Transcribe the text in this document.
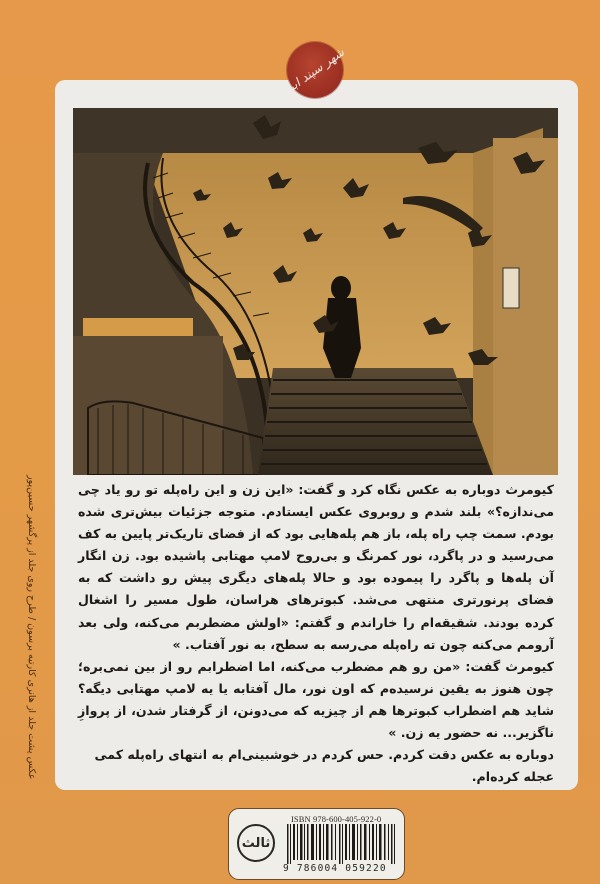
عکس پشت جلد از هانری کارتیه برسون / طرح روی جلد از پرگشهر حسین‌پور
شهر سپند ابر

کیومرث دوباره به عکس نگاه کرد و گفت: «این زن و این راه‌پله تو رو یاد چی می‌ندازه؟» بلند شدم و روبروی عکس ایستادم. متوجه جزئیات بیش‌تری شده بودم. سمت چپ راه پله، باز هم پله‌هایی بود که از فضای تاریک‌تر پایین به کف می‌رسید و در پاگرد، نور کمرنگ و بی‌روح لامپ مهتابی پاشیده بود. زن انگار آن پله‌ها و پاگرد را پیموده بود و حالا پله‌های دیگری پیش رو داشت که به فضای پرنورتری منتهی می‌شد. کبوترهای هراسان، طول مسیر را اشغال کرده بودند. شقیقه‌ام را خاراندم و گفتم: «اولش مضطربم می‌کنه، ولی بعد آرومم می‌کنه چون ته راه‌پله می‌رسه به سطح، به نور آفتاب. »

کیومرث گفت: «من رو هم مضطرب می‌کنه، اما اضطرابم رو از بین نمی‌بره؛ چون هنوز به یقین نرسیده‌م که اون نور، مال آفتابه یا یه لامپ مهتابی دیگه؟ شاید هم اضطراب کبوترها هم از چیزیه که می‌دونن، از گرفتار شدن، از پروازِ ناگزیر... نه حضور یه زن. »

دوباره به عکس دقت کردم. حس کردم در خوشبینی‌ام به انتهای راه‌پله کمی عجله کرده‌ام.

ثالث
ISBN 978-600-405-922-0
9 786004 059220
